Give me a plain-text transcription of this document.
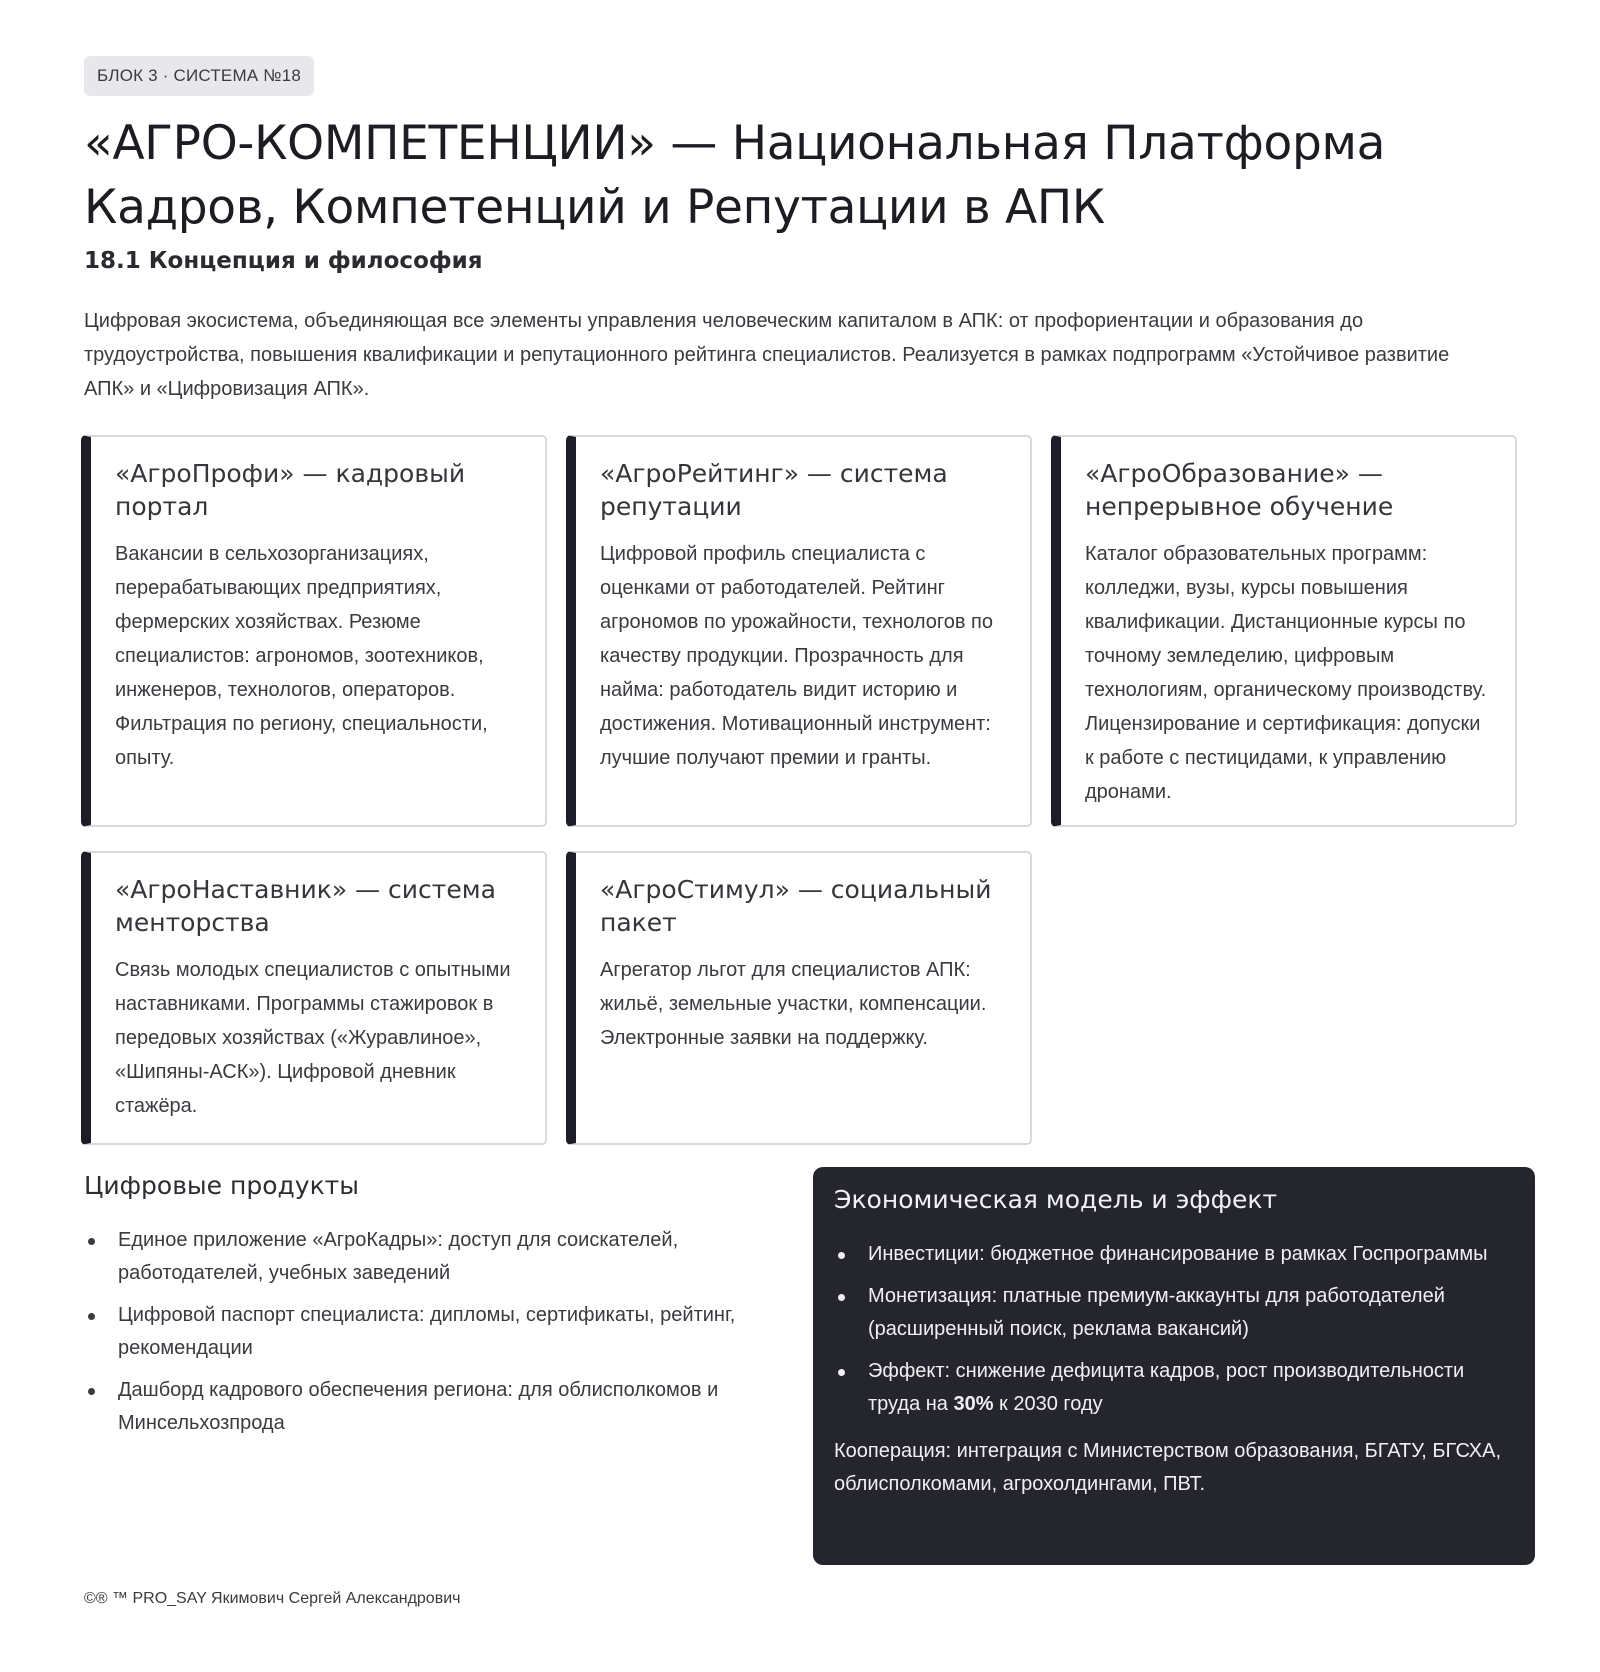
БЛОК 3 · СИСТЕМА №18
«АГРО-КОМПЕТЕНЦИИ» — Национальная Платформа Кадров, Компетенций и Репутации в АПК
18.1 Концепция и философия

Цифровая экосистема, объединяющая все элементы управления человеческим капиталом в АПК: от профориентации и образования до трудоустройства, повышения квалификации и репутационного рейтинга специалистов. Реализуется в рамках подпрограмм «Устойчивое развитие АПК» и «Цифровизация АПК».

«АгроПрофи» — кадровый портал

Вакансии в сельхозорганизациях, перерабатывающих предприятиях, фермерских хозяйствах. Резюме специалистов: агрономов, зоотехников, инженеров, технологов, операторов. Фильтрация по региону, специальности, опыту.

«АгроРейтинг» — система репутации

Цифровой профиль специалиста с оценками от работодателей. Рейтинг агрономов по урожайности, технологов по качеству продукции. Прозрачность для найма: работодатель видит историю и достижения. Мотивационный инструмент: лучшие получают премии и гранты.

«АгроОбразование» — непрерывное обучение

Каталог образовательных программ: колледжи, вузы, курсы повышения квалификации. Дистанционные курсы по точному земледелию, цифровым технологиям, органическому производству. Лицензирование и сертификация: допуски к работе с пестицидами, к управлению дронами.

«АгроНаставник» — система менторства

Связь молодых специалистов с опытными наставниками. Программы стажировок в передовых хозяйствах («Журавлиное», «Шипяны-АСК»). Цифровой дневник стажёра.

«АгроСтимул» — социальный пакет

Агрегатор льгот для специалистов АПК: жильё, земельные участки, компенсации. Электронные заявки на поддержку.

Цифровые продукты
Единое приложение «АгроКадры»: доступ для соискателей, работодателей, учебных заведений
Цифровой паспорт специалиста: дипломы, сертификаты, рейтинг, рекомендации
Дашборд кадрового обеспечения региона: для облисполкомов и Минсельхозпрода
Экономическая модель и эффект
Инвестиции: бюджетное финансирование в рамках Госпрограммы
Монетизация: платные премиум-аккаунты для работодателей (расширенный поиск, реклама вакансий)
Эффект: снижение дефицита кадров, рост производительности труда на 30% к 2030 году

Кооперация: интеграция с Министерством образования, БГАТУ, БГСХА, облисполкомами, агрохолдингами, ПВТ.

©® ™ PRO_SAY Якимович Сергей Александрович
